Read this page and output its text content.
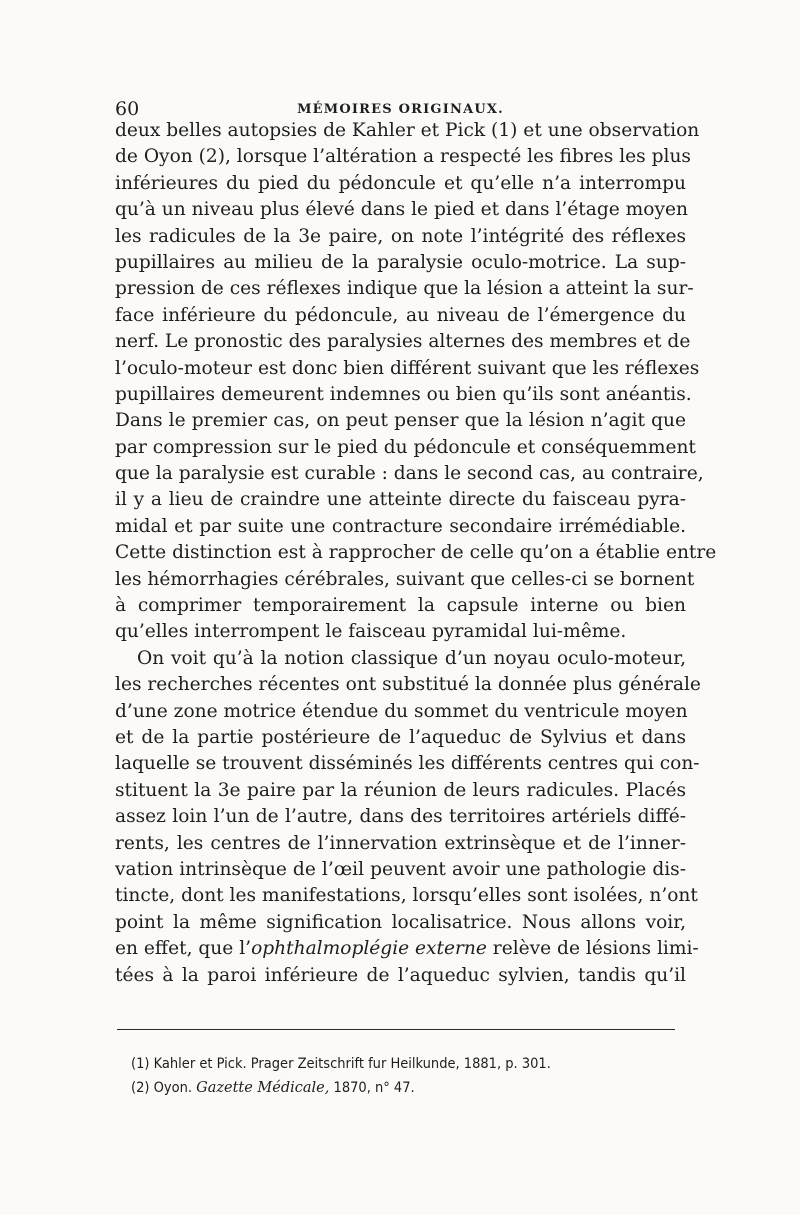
60	MÉMOIRES ORIGINAUX.
deux belles autopsies de Kahler et Pick (1) et une observation
de Oyon (2), lorsque l’altération a respecté les fibres les plus
inférieures du pied du pédoncule et qu’elle n’a interrompu
qu’à un niveau plus élevé dans le pied et dans l’étage moyen
les radicules de la 3e paire, on note l’intégrité des réflexes
pupillaires au milieu de la paralysie oculo-motrice. La sup-
pression de ces réflexes indique que la lésion a atteint la sur-
face inférieure du pédoncule, au niveau de l’émergence du
nerf. Le pronostic des paralysies alternes des membres et de
l’oculo-moteur est donc bien différent suivant que les réflexes
pupillaires demeurent indemnes ou bien qu’ils sont anéantis.
Dans le premier cas, on peut penser que la lésion n’agit que
par compression sur le pied du pédoncule et conséquemment
que la paralysie est curable : dans le second cas, au contraire,
il y a lieu de craindre une atteinte directe du faisceau pyra-
midal et par suite une contracture secondaire irrémédiable.
Cette distinction est à rapprocher de celle qu’on a établie entre
les hémorrhagies cérébrales, suivant que celles-ci se bornent
à comprimer temporairement la capsule interne ou bien
qu’elles interrompent le faisceau pyramidal lui-même.
On voit qu’à la notion classique d’un noyau oculo-moteur,
les recherches récentes ont substitué la donnée plus générale
d’une zone motrice étendue du sommet du ventricule moyen
et de la partie postérieure de l’aqueduc de Sylvius et dans
laquelle se trouvent disséminés les différents centres qui con-
stituent la 3e paire par la réunion de leurs radicules. Placés
assez loin l’un de l’autre, dans des territoires artériels diffé-
rents, les centres de l’innervation extrinsèque et de l’inner-
vation intrinsèque de l’œil peuvent avoir une pathologie dis-
tincte, dont les manifestations, lorsqu’elles sont isolées, n’ont
point la même signification localisatrice. Nous allons voir,
en effet, que l’ophthalmoplégie externe relève de lésions limi-
tées à la paroi inférieure de l’aqueduc sylvien, tandis qu’il
(1) Kahler et Pick. Prager Zeitschrift fur Heilkunde, 1881, p. 301.
(2) Oyon. Gazette Médicale, 1870, n° 47.
